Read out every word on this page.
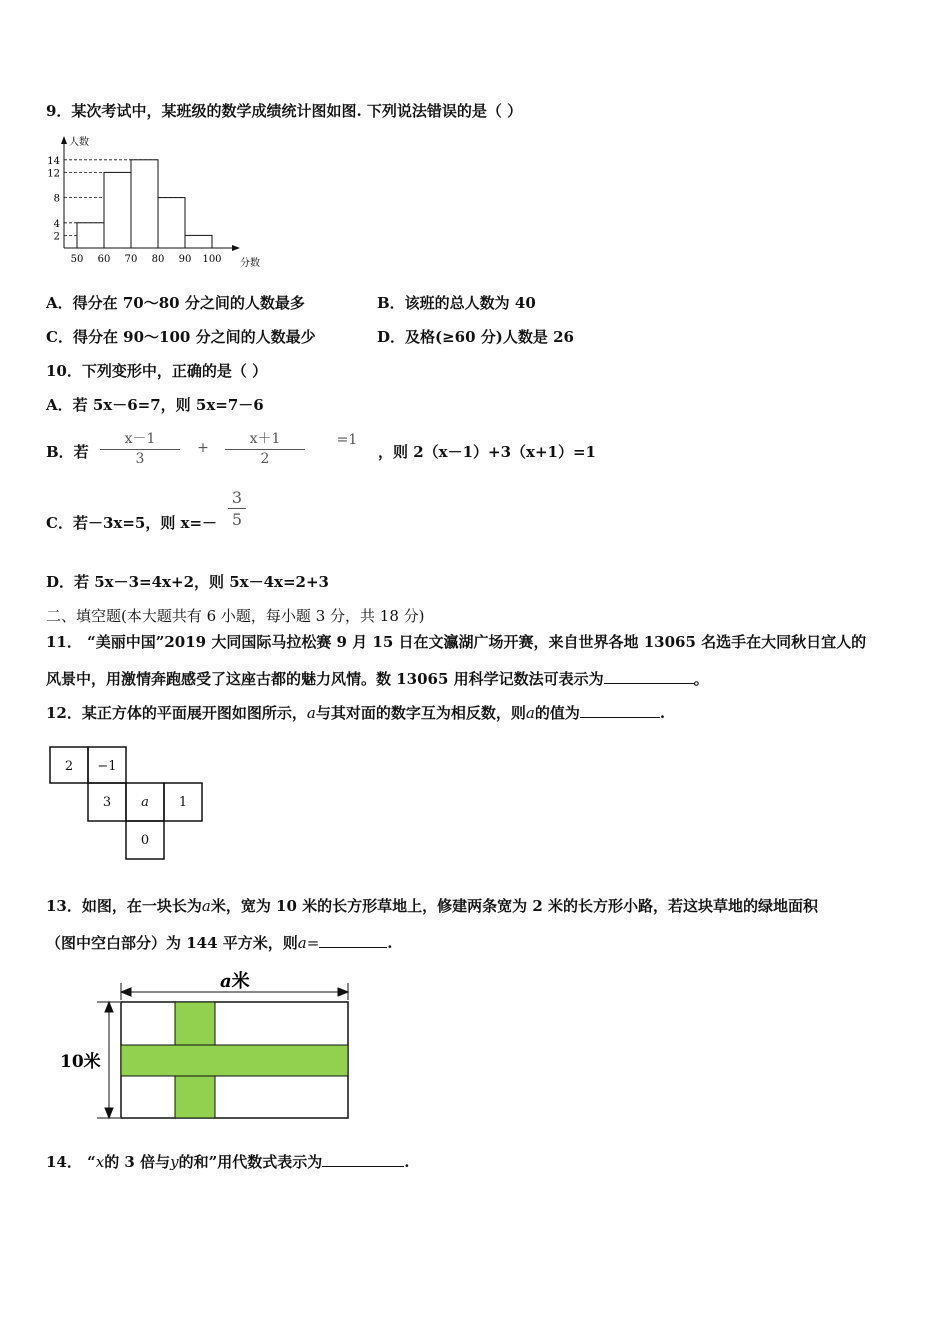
9．某次考试中，某班级的数学成绩统计图如图. 下列说法错误的是（ ）
2
4
8
12
14
50 60 70 80 90 100 分数
人数
A．得分在 70～80 分之间的人数最多	B．该班的总人数为 40
C．得分在 90～100 分之间的人数最少	D．及格(≥60 分)人数是 26
10．下列变形中，正确的是（ ）
A．若 5x－6=7，则 5x=7－6
B．若
x－1
3
+
x＋1
2
=1
，则 2（x－1）+3（x+1）=1
C．若－3x=5，则 x=－
3
5
D．若 5x－3=4x+2，则 5x－4x=2+3
二、填空题(本大题共有 6 小题，每小题 3 分，共 18 分)
11． “美丽中国”2019 大同国际马拉松赛 9 月 15 日在文瀛湖广场开赛，来自世界各地 13065 名选手在大同秋日宜人的
风景中，用激情奔跑感受了这座古都的魅力风情。数 13065 用科学记数法可表示为	。
12．某正方体的平面展开图如图所示，a与其对面的数字互为相反数，则a的值为	.
2 −1
3 a 1
0
13．如图，在一块长为a米，宽为 10 米的长方形草地上，修建两条宽为 2 米的长方形小路，若这块草地的绿地面积
（图中空白部分）为 144 平方米，则a=	.
a米
10米
14． “x的 3 倍与y的和”用代数式表示为	.
